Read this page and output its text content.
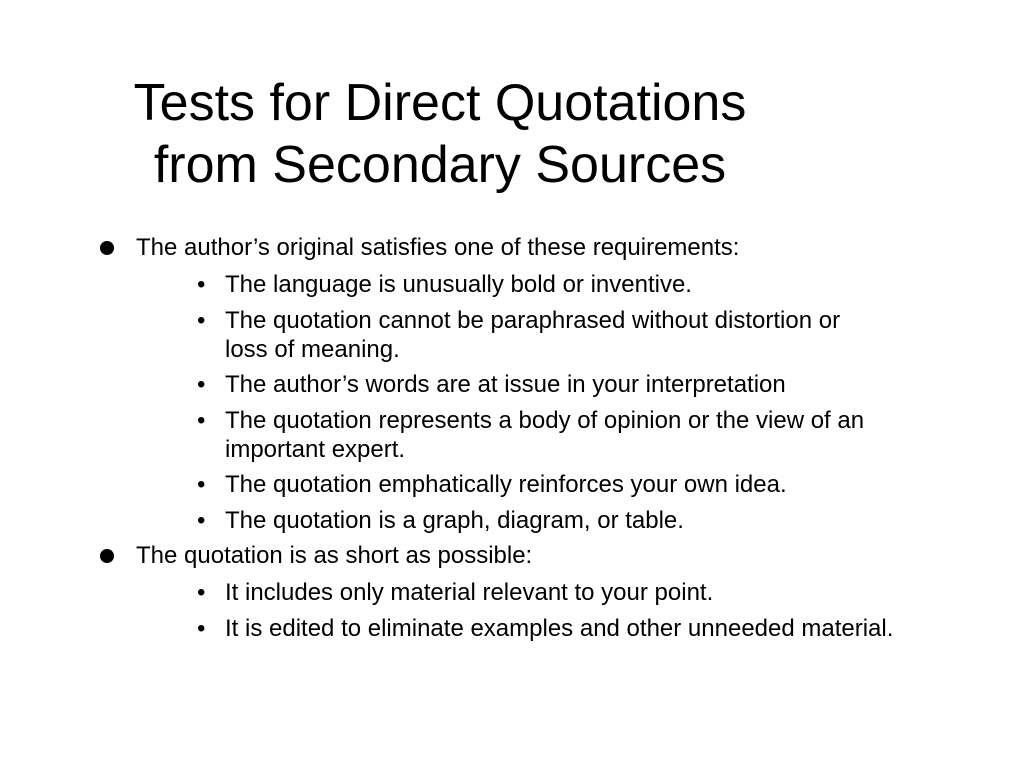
Tests for Direct Quotations
from Secondary Sources
The author’s original satisfies one of these requirements:
• The language is unusually bold or inventive.
• The quotation cannot be paraphrased without distortion or loss of meaning.
• The author’s words are at issue in your interpretation
• The quotation represents a body of opinion or the view of an important expert.
• The quotation emphatically reinforces your own idea.
• The quotation is a graph, diagram, or table.
The quotation is as short as possible:
• It includes only material relevant to your point.
• It is edited to eliminate examples and other unneeded material.
